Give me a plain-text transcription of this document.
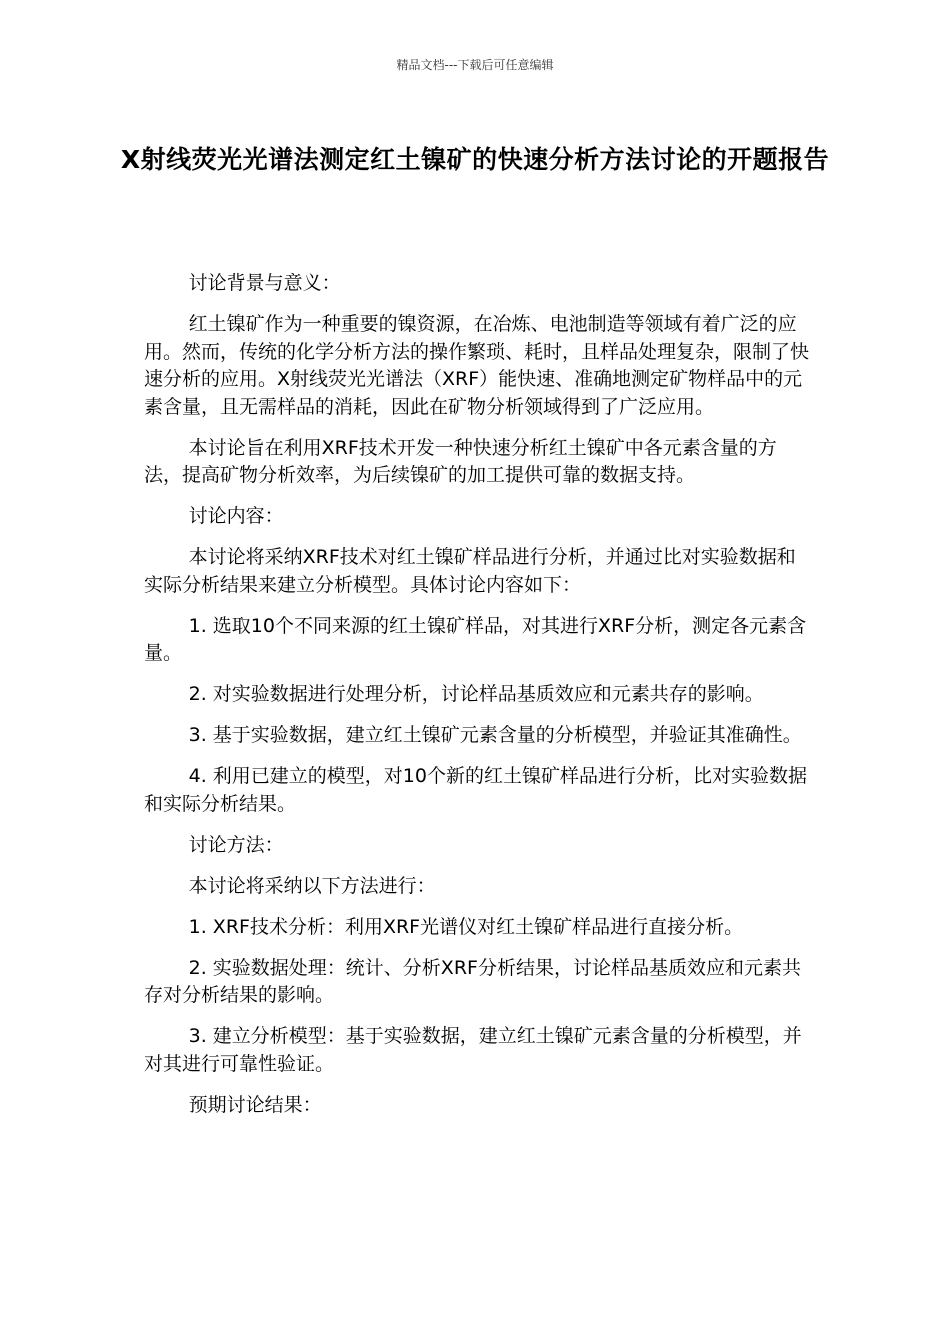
精品文档---下载后可任意编辑
X射线荧光光谱法测定红土镍矿的快速分析方法讨论的开题报告

讨论背景与意义：

红土镍矿作为一种重要的镍资源，在冶炼、电池制造等领域有着广泛的应用。然而，传统的化学分析方法的操作繁琐、耗时，且样品处理复杂，限制了快速分析的应用。X射线荧光光谱法（XRF）能快速、准确地测定矿物样品中的元素含量，且无需样品的消耗，因此在矿物分析领域得到了广泛应用。

本讨论旨在利用XRF技术开发一种快速分析红土镍矿中各元素含量的方法，提高矿物分析效率，为后续镍矿的加工提供可靠的数据支持。

讨论内容：

本讨论将采纳XRF技术对红土镍矿样品进行分析，并通过比对实验数据和实际分析结果来建立分析模型。具体讨论内容如下：

1. 选取10个不同来源的红土镍矿样品，对其进行XRF分析，测定各元素含量。

2. 对实验数据进行处理分析，讨论样品基质效应和元素共存的影响。

3. 基于实验数据，建立红土镍矿元素含量的分析模型，并验证其准确性。

4. 利用已建立的模型，对10个新的红土镍矿样品进行分析，比对实验数据和实际分析结果。

讨论方法：

本讨论将采纳以下方法进行：

1. XRF技术分析：利用XRF光谱仪对红土镍矿样品进行直接分析。

2. 实验数据处理：统计、分析XRF分析结果，讨论样品基质效应和元素共存对分析结果的影响。

3. 建立分析模型：基于实验数据，建立红土镍矿元素含量的分析模型，并对其进行可靠性验证。

预期讨论结果：
